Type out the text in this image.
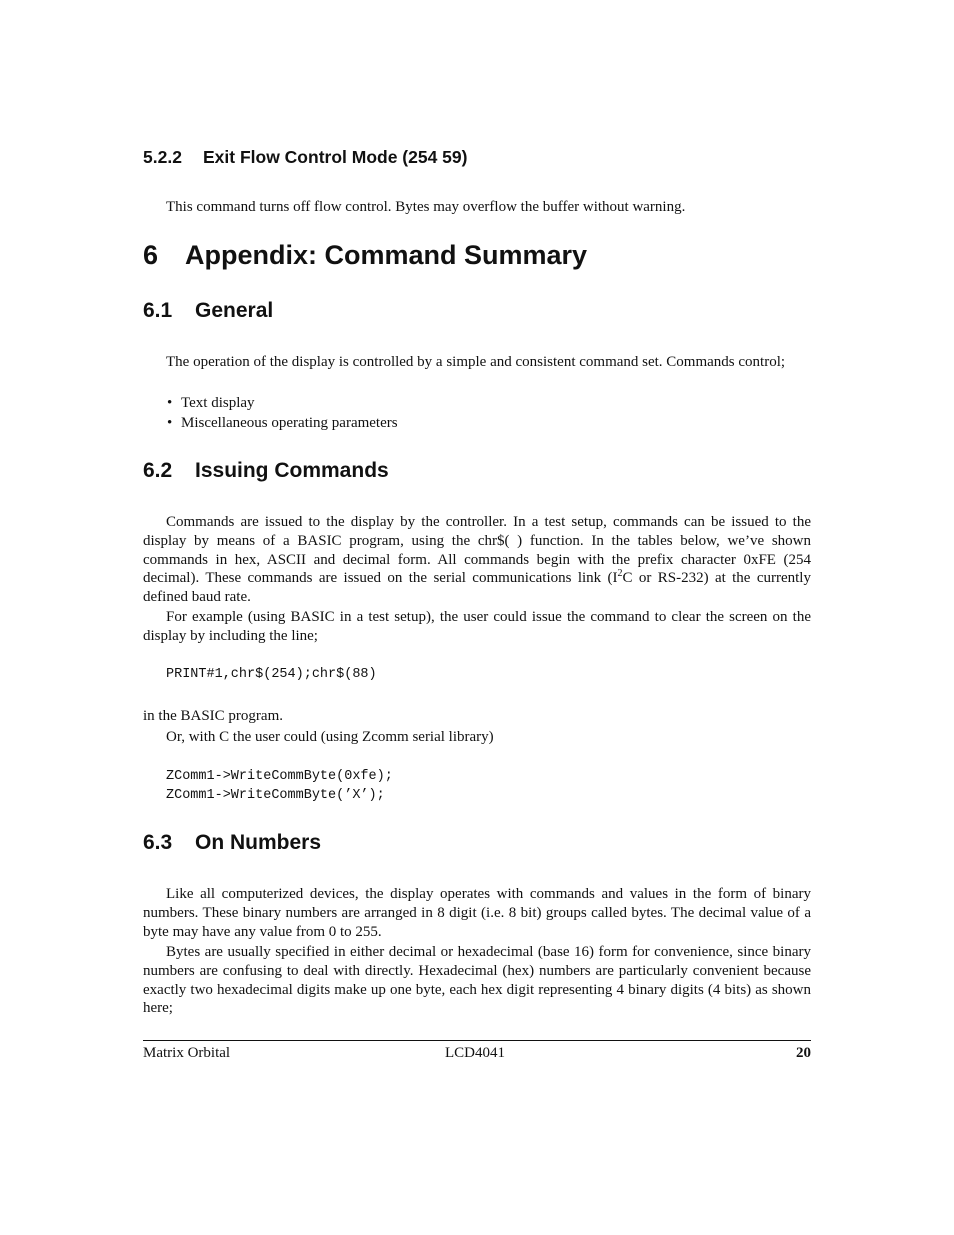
5.2.2 Exit Flow Control Mode (254 59)

This command turns off flow control. Bytes may overflow the buffer without warning.

6 Appendix: Command Summary
6.1 General

The operation of the display is controlled by a simple and consistent command set. Commands control;

• Text display
• Miscellaneous operating parameters
6.2 Issuing Commands

Commands are issued to the display by the controller. In a test setup, commands can be issued to the display by means of a BASIC program, using the chr$( ) function. In the tables below, we’ve shown commands in hex, ASCII and decimal form. All commands begin with the prefix character 0xFE (254 decimal). These commands are issued on the serial communications link ($I^2C$ or RS-232) at the currently defined baud rate.

For example (using BASIC in a test setup), the user could issue the command to clear the screen on the display by including the line;

PRINT#1,chr$(254);chr$(88)

in the BASIC program.

Or, with C the user could (using Zcomm serial library)

ZComm1->WriteCommByte(0xfe);
ZComm1->WriteCommByte(’X’);
6.3 On Numbers

Like all computerized devices, the display operates with commands and values in the form of binary numbers. These binary numbers are arranged in 8 digit (i.e. 8 bit) groups called bytes. The decimal value of a byte may have any value from 0 to 255.

Bytes are usually specified in either decimal or hexadecimal (base 16) form for convenience, since binary numbers are confusing to deal with directly. Hexadecimal (hex) numbers are particularly convenient because exactly two hexadecimal digits make up one byte, each hex digit representing 4 binary digits (4 bits) as shown here;

Matrix Orbital	LCD4041	20
